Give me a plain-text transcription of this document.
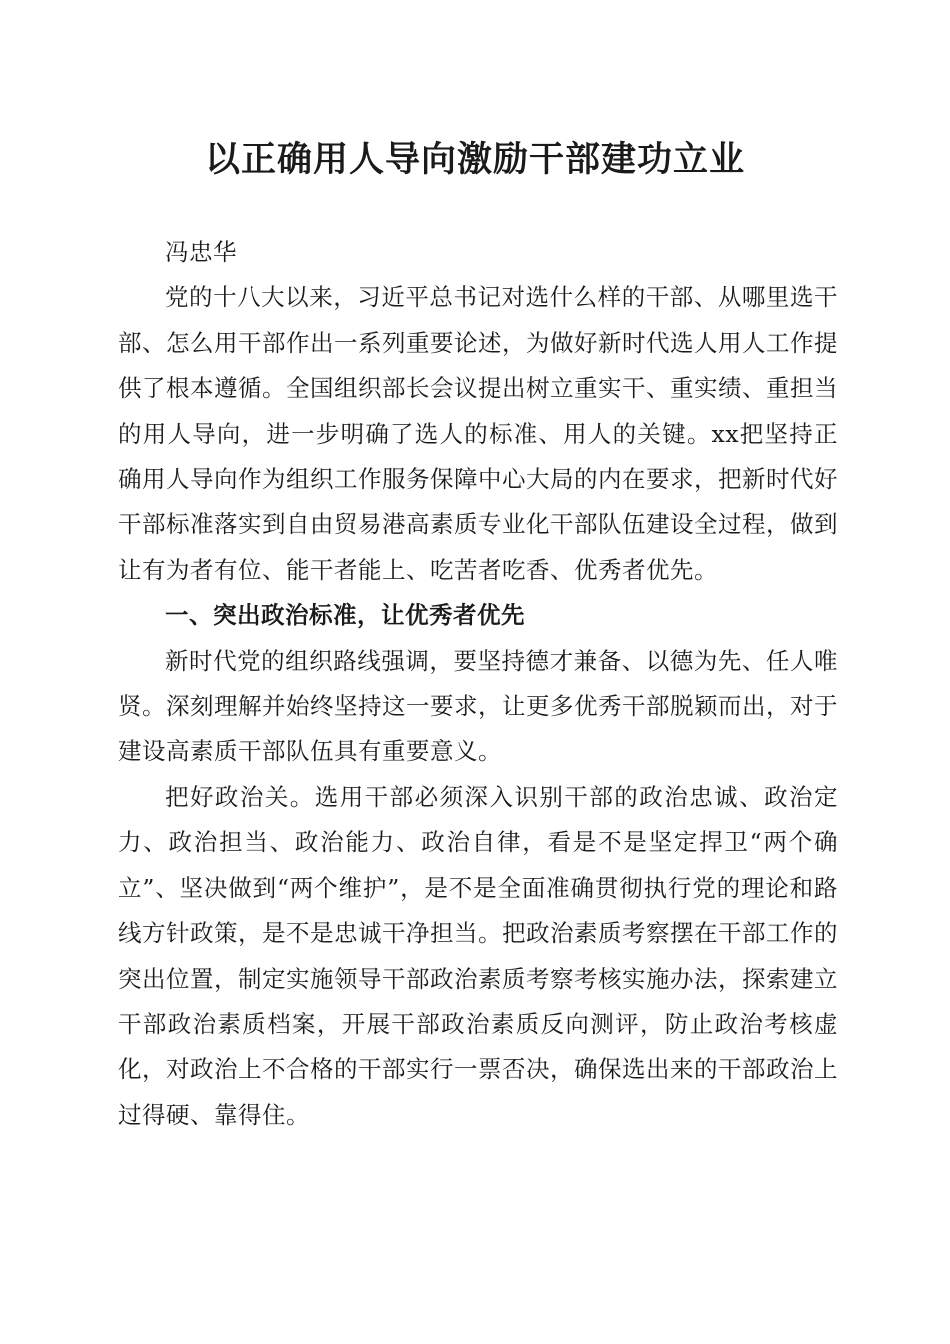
以正确用人导向激励干部建功立业

冯忠华

党的十八大以来，习近平总书记对选什么样的干部、从哪里选干部、怎么用干部作出一系列重要论述，为做好新时代选人用人工作提供了根本遵循。全国组织部长会议提出树立重实干、重实绩、重担当的用人导向，进一步明确了选人的标准、用人的关键。xx把坚持正确用人导向作为组织工作服务保障中心大局的内在要求，把新时代好干部标准落实到自由贸易港高素质专业化干部队伍建设全过程，做到让有为者有位、能干者能上、吃苦者吃香、优秀者优先。

一、突出政治标准，让优秀者优先

新时代党的组织路线强调，要坚持德才兼备、以德为先、任人唯贤。深刻理解并始终坚持这一要求，让更多优秀干部脱颖而出，对于建设高素质干部队伍具有重要意义。

把好政治关。选用干部必须深入识别干部的政治忠诚、政治定力、政治担当、政治能力、政治自律，看是不是坚定捍卫“两个确立”、坚决做到“两个维护”，是不是全面准确贯彻执行党的理论和路线方针政策，是不是忠诚干净担当。把政治素质考察摆在干部工作的突出位置，制定实施领导干部政治素质考察考核实施办法，探索建立干部政治素质档案，开展干部政治素质反向测评，防止政治考核虚化，对政治上不合格的干部实行一票否决，确保选出来的干部政治上过得硬、靠得住。
